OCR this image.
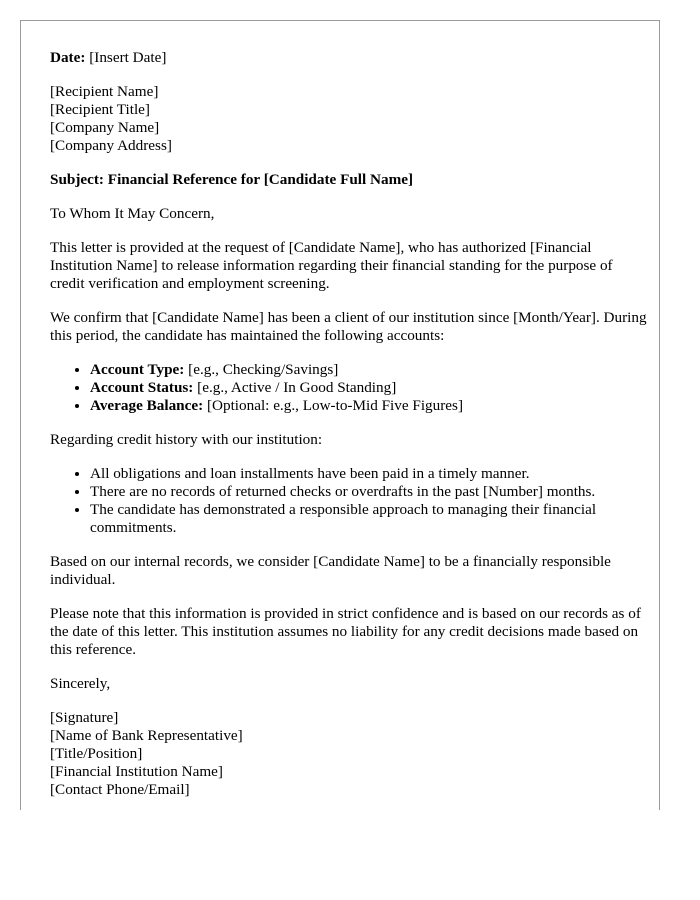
Date: [Insert Date]

[Recipient Name]
[Recipient Title]
[Company Name]
[Company Address]

Subject: Financial Reference for [Candidate Full Name]

To Whom It May Concern,

This letter is provided at the request of [Candidate Name], who has authorized [Financial Institution Name] to release information regarding their financial standing for the purpose of credit verification and employment screening.

We confirm that [Candidate Name] has been a client of our institution since [Month/Year]. During this period, the candidate has maintained the following accounts:

• Account Type: [e.g., Checking/Savings]
• Account Status: [e.g., Active / In Good Standing]
• Average Balance: [Optional: e.g., Low-to-Mid Five Figures]

Regarding credit history with our institution:

• All obligations and loan installments have been paid in a timely manner.
• There are no records of returned checks or overdrafts in the past [Number] months.
• The candidate has demonstrated a responsible approach to managing their financial commitments.

Based on our internal records, we consider [Candidate Name] to be a financially responsible individual.

Please note that this information is provided in strict confidence and is based on our records as of the date of this letter. This institution assumes no liability for any credit decisions made based on this reference.

Sincerely,

[Signature]
[Name of Bank Representative]
[Title/Position]
[Financial Institution Name]
[Contact Phone/Email]
